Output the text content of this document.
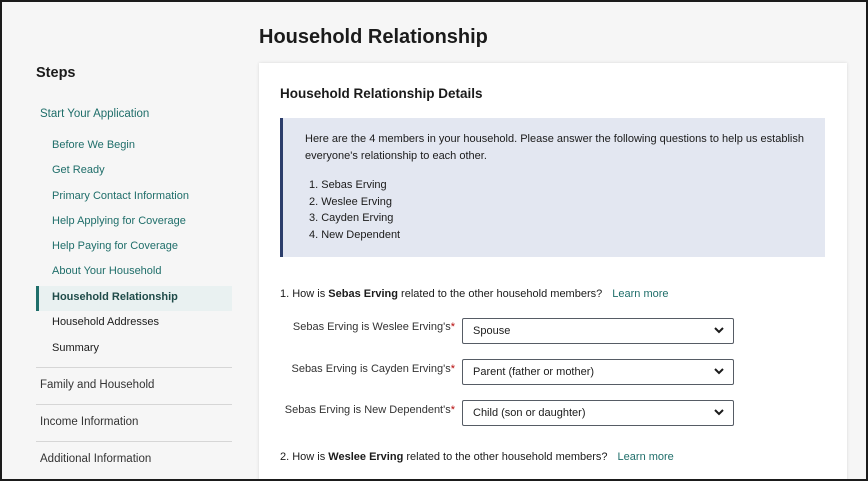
Steps
Start Your Application
Before We Begin
Get Ready
Primary Contact Information
Help Applying for Coverage
Help Paying for Coverage
About Your Household
Household Relationship
Household Addresses
Summary
Family and Household
Income Information
Additional Information
Household Relationship
Household Relationship Details
Here are the 4 members in your household. Please answer the following questions to help us establish everyone's relationship to each other.
1. Sebas Erving
2. Weslee Erving
3. Cayden Erving
4. New Dependent
1. How is Sebas Erving related to the other household members? Learn more
Sebas Erving is Weslee Erving's*	Spouse
Sebas Erving is Cayden Erving's*	Parent (father or mother)
Sebas Erving is New Dependent's*	Child (son or daughter)
2. How is Weslee Erving related to the other household members? Learn more
